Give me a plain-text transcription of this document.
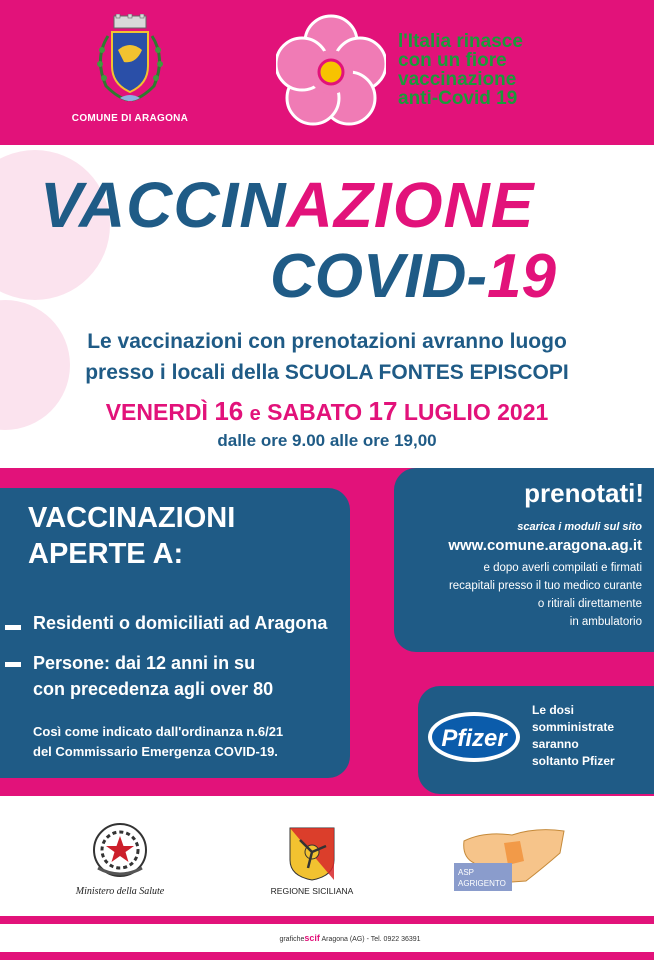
COMUNE DI ARAGONA
l'Italia rinasce
con un fiore
vaccinazione
anti-Covid 19
VACCINAZIONE
COVID-19
Le vaccinazioni con prenotazioni avranno luogo
presso i locali della SCUOLA FONTES EPISCOPI
VENERDÌ 16 e SABATO 17 LUGLIO 2021
dalle ore 9.00 alle ore 19,00
VACCINAZIONI
APERTE A:
Residenti o domiciliati ad Aragona
Persone: dai 12 anni in su
con precedenza agli over 80
Così come indicato dall'ordinanza n.6/21
del Commissario Emergenza COVID-19.
prenotati!
scarica i moduli sul sito
www.comune.aragona.ag.it
e dopo averli compilati e firmati
recapitali presso il tuo medico curante
o ritirali direttamente
in ambulatorio
Pfizer
Le dosi
somministrate
saranno
soltanto Pfizer
Ministero della Salute	REGIONE SICILIANA
ASP
AGRIGENTO
grafichescif Aragona (AG) - Tel. 0922 36391
